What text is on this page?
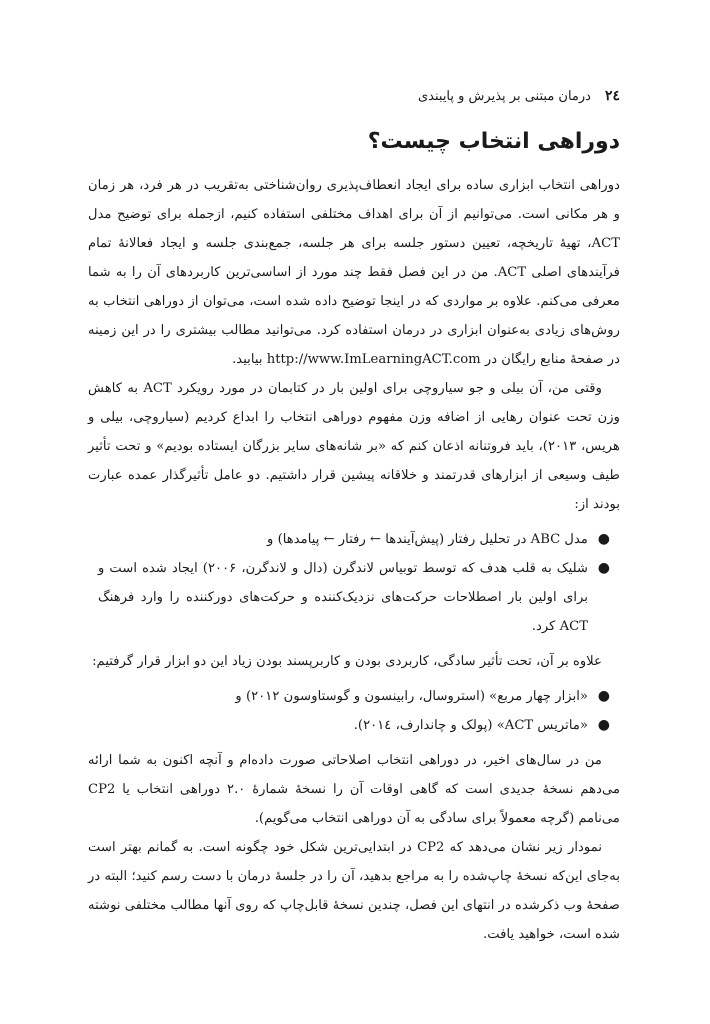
٢٤
درمان مبتنی بر پذیرش و پایبندی
دوراهی انتخاب چیست؟

دوراهی انتخاب ابزاری ساده برای ایجاد انعطاف‌پذیری روان‌شناختی به‌تقریب در هر فرد، هر زمان و هر مکانی است. می‌توانیم از آن برای اهداف مختلفی استفاده کنیم، ازجمله برای توضیح مدل ACT، تهیهٔ تاریخچه، تعیین دستور جلسه برای هر جلسه، جمع‌بندی جلسه و ایجاد فعالانهٔ تمام فرآیندهای اصلی ACT. من در این فصل فقط چند مورد از اساسی‌ترین کاربردهای آن را به شما معرفی می‌کنم. علاوه بر مواردی که در اینجا توضیح داده شده است، می‌توان از دوراهی انتخاب به روش‌های زیادی به‌عنوان ابزاری در درمان استفاده کرد. می‌توانید مطالب بیشتری را در این زمینه در صفحهٔ منابع رایگان در http://www.ImLearningACT.com بیابید.

وقتی من، آن بیلی و جو سیاروچی برای اولین بار در کتابمان در مورد رویکرد ACT به کاهش وزن تحت عنوان رهایی از اضافه وزن مفهوم دوراهی انتخاب را ابداع کردیم (سیاروچی، بیلی و هریس، ۲۰۱۳)، باید فروتنانه اذعان کنم که «بر شانه‌های سایر بزرگان ایستاده بودیم» و تحت تأثیر طیف وسیعی از ابزارهای قدرتمند و خلاقانه پیشین قرار داشتیم. دو عامل تأثیرگذار عمده عبارت بودند از:

●
مدل ABC در تحلیل رفتار (پیش‌آیندها ← رفتار ← پیامدها) و
●
شلیک به قلب هدف که توسط توبیاس لاندگرن (دال و لاندگرن، ۲۰۰۶) ایجاد شده است و برای اولین بار اصطلاحات حرکت‌های نزدیک‌کننده و حرکت‌های دورکننده را وارد فرهنگ ACT کرد.

علاوه بر آن، تحت تأثیر سادگی، کاربردی بودن و کاربرپسند بودن زیاد این دو ابزار قرار گرفتیم:

●
«ابزار چهار مربع» (استروسال، رابینسون و گوستاوسون ۲۰۱۲) و
●
«ماتریس ACT» (پولک و چاندارف، ۲۰۱٤).

من در سال‌های اخیر، در دوراهی انتخاب اصلاحاتی صورت داده‌ام و آنچه اکنون به شما ارائه می‌دهم نسخهٔ جدیدی است که گاهی اوقات آن را نسخهٔ شمارهٔ ۲.۰ دوراهی انتخاب یا CP2 می‌نامم (گرچه معمولاً برای سادگی به آن دوراهی انتخاب می‌گویم).

نمودار زیر نشان می‌دهد که CP2 در ابتدایی‌ترین شکل خود چگونه است. به گمانم بهتر است به‌جای این‌که نسخهٔ چاپ‌شده را به مراجع بدهید، آن را در جلسهٔ درمان با دست رسم کنید؛ البته در صفحهٔ وب ذکرشده در انتهای این فصل، چندین نسخهٔ قابل‌چاپ که روی آنها مطالب مختلفی نوشته شده است، خواهید یافت.
